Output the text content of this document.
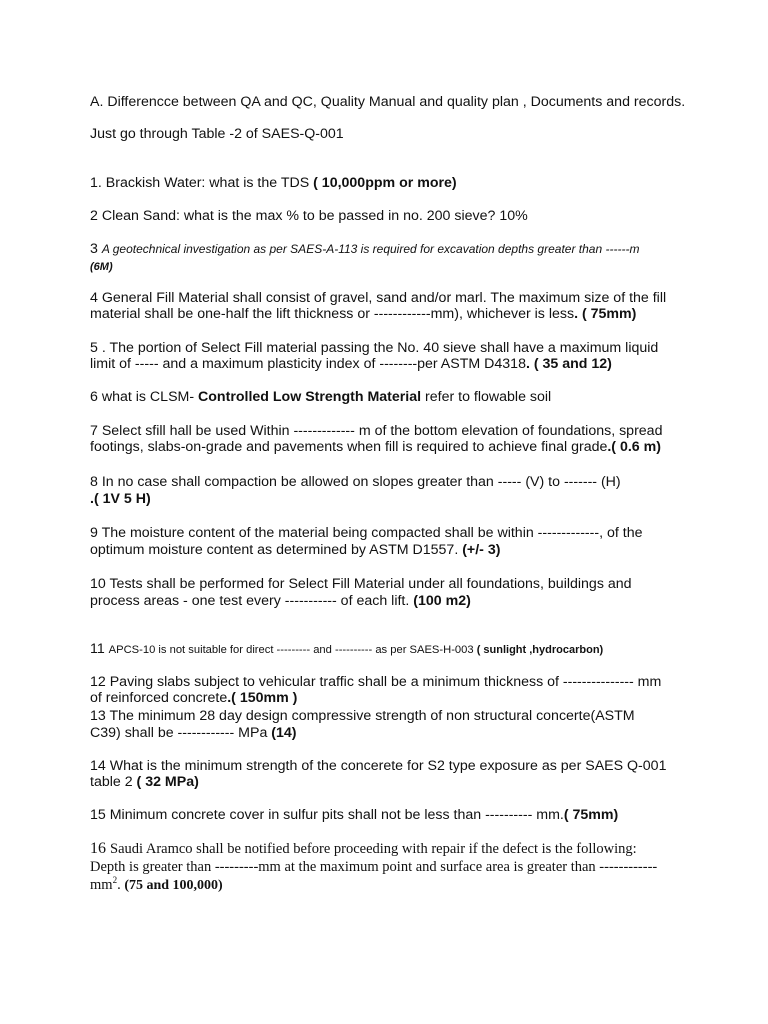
A. Differencce between QA and QC, Quality Manual and quality plan , Documents and records.
Just go through Table -2 of SAES-Q-001
1. Brackish Water: what is the TDS ( 10,000ppm or more)
2 Clean Sand: what is the max % to be passed in no. 200 sieve? 10%
3 A geotechnical investigation as per SAES-A-113 is required for excavation depths greater than ------m
(6M)
4 General Fill Material shall consist of gravel, sand and/or marl. The maximum size of the fill
material shall be one-half the lift thickness or ------------mm), whichever is less. ( 75mm)
5 . The portion of Select Fill material passing the No. 40 sieve shall have a maximum liquid
limit of ----- and a maximum plasticity index of --------per ASTM D4318. ( 35 and 12)
6 what is CLSM- Controlled Low Strength Material refer to flowable soil
7 Select sfill hall be used Within ------------- m of the bottom elevation of foundations, spread
footings, slabs-on-grade and pavements when fill is required to achieve final grade.( 0.6 m)
8 In no case shall compaction be allowed on slopes greater than ----- (V) to ------- (H)
.( 1V 5 H)
9 The moisture content of the material being compacted shall be within -------------, of the
optimum moisture content as determined by ASTM D1557. (+/- 3)
10 Tests shall be performed for Select Fill Material under all foundations, buildings and
process areas - one test every ----------- of each lift. (100 m2)
11 APCS-10 is not suitable for direct --------- and ---------- as per SAES-H-003 ( sunlight ,hydrocarbon)
12 Paving slabs subject to vehicular traffic shall be a minimum thickness of --------------- mm
of reinforced concrete.( 150mm )
13 The minimum 28 day design compressive strength of non structural concerte(ASTM
C39) shall be ------------ MPa (14)
14 What is the minimum strength of the concerete for S2 type exposure as per SAES Q-001
table 2 ( 32 MPa)
15 Minimum concrete cover in sulfur pits shall not be less than ---------- mm.( 75mm)
16 Saudi Aramco shall be notified before proceeding with repair if the defect is the following:
Depth is greater than ---------mm at the maximum point and surface area is greater than ------------
$mm^2$. (75 and 100,000)
